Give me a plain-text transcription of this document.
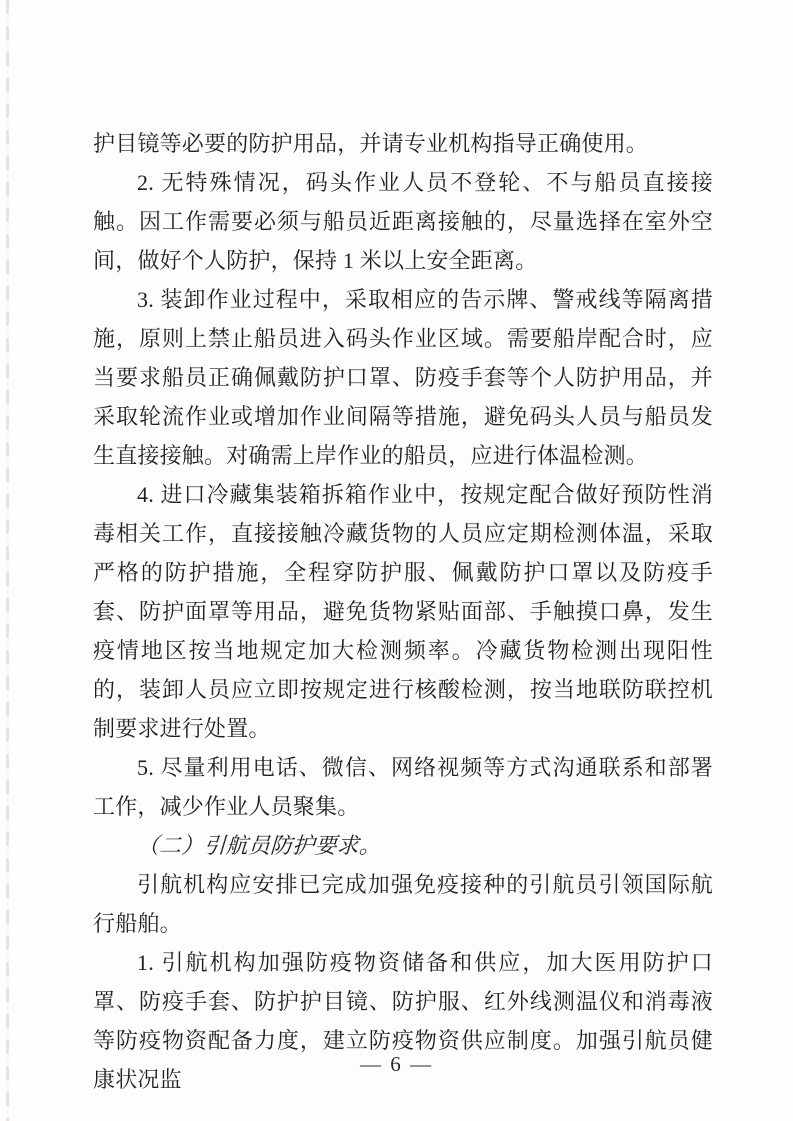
护目镜等必要的防护用品，并请专业机构指导正确使用。

2. 无特殊情况，码头作业人员不登轮、不与船员直接接触。因工作需要必须与船员近距离接触的，尽量选择在室外空间，做好个人防护，保持 1 米以上安全距离。

3. 装卸作业过程中，采取相应的告示牌、警戒线等隔离措施，原则上禁止船员进入码头作业区域。需要船岸配合时，应当要求船员正确佩戴防护口罩、防疫手套等个人防护用品，并采取轮流作业或增加作业间隔等措施，避免码头人员与船员发生直接接触。对确需上岸作业的船员，应进行体温检测。

4. 进口冷藏集装箱拆箱作业中，按规定配合做好预防性消毒相关工作，直接接触冷藏货物的人员应定期检测体温，采取严格的防护措施，全程穿防护服、佩戴防护口罩以及防疫手套、防护面罩等用品，避免货物紧贴面部、手触摸口鼻，发生疫情地区按当地规定加大检测频率。冷藏货物检测出现阳性的，装卸人员应立即按规定进行核酸检测，按当地联防联控机制要求进行处置。

5. 尽量利用电话、微信、网络视频等方式沟通联系和部署工作，减少作业人员聚集。

（二）引航员防护要求。

引航机构应安排已完成加强免疫接种的引航员引领国际航行船舶。

1. 引航机构加强防疫物资储备和供应，加大医用防护口罩、防疫手套、防护护目镜、防护服、红外线测温仪和消毒液等防疫物资配备力度，建立防疫物资供应制度。加强引航员健康状况监

— 6 —
